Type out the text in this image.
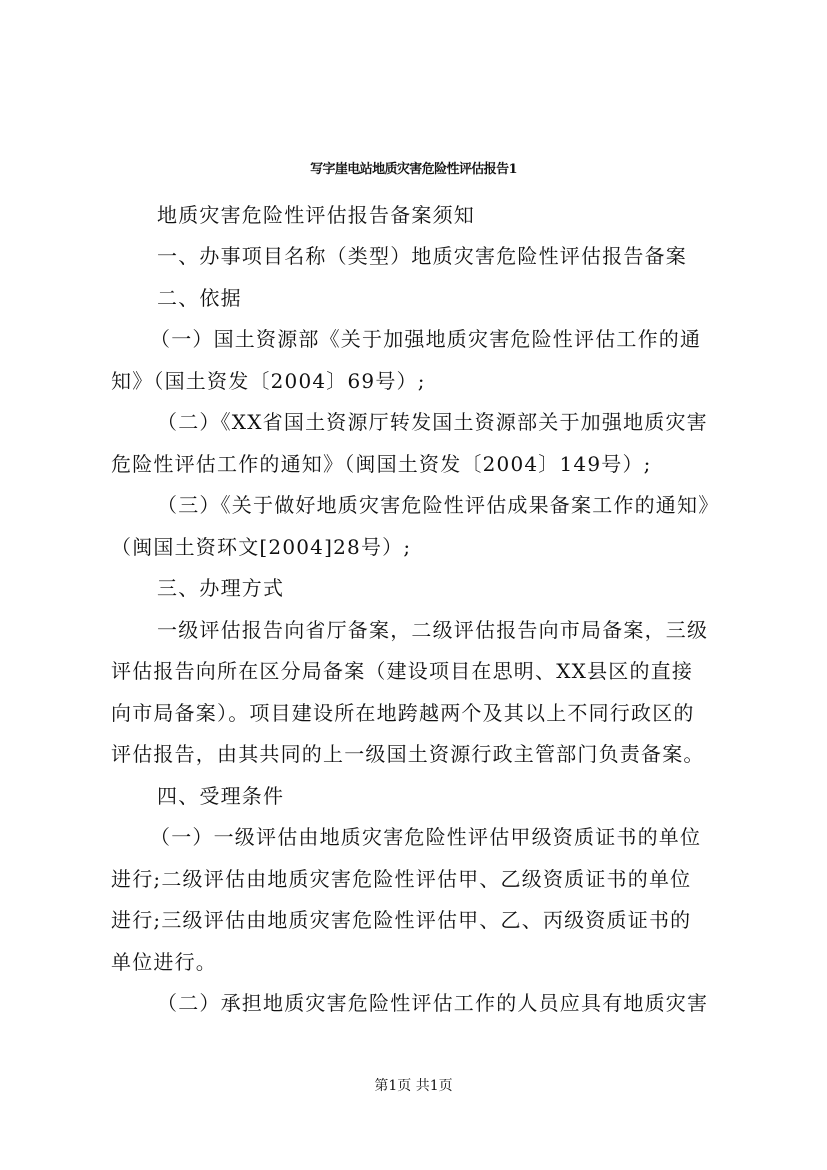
写字崖电站地质灾害危险性评估报告1
地质灾害危险性评估报告备案须知
一、办事项目名称（类型）地质灾害危险性评估报告备案
二、依据
（一）国土资源部《关于加强地质灾害危险性评估工作的通
知》（国土资发〔2004〕69号）;
（二）《XX省国土资源厅转发国土资源部关于加强地质灾害
危险性评估工作的通知》（闽国土资发〔2004〕149号）;
（三）《关于做好地质灾害危险性评估成果备案工作的通知》
（闽国土资环文[2004]28号）;
三、办理方式
一级评估报告向省厅备案，二级评估报告向市局备案，三级
评估报告向所在区分局备案（建设项目在思明、XX县区的直接
向市局备案）。项目建设所在地跨越两个及其以上不同行政区的
评估报告，由其共同的上一级国土资源行政主管部门负责备案。
四、受理条件
（一）一级评估由地质灾害危险性评估甲级资质证书的单位
进行;二级评估由地质灾害危险性评估甲、乙级资质证书的单位
进行;三级评估由地质灾害危险性评估甲、乙、丙级资质证书的
单位进行。
（二）承担地质灾害危险性评估工作的人员应具有地质灾害
第1页 共1页
